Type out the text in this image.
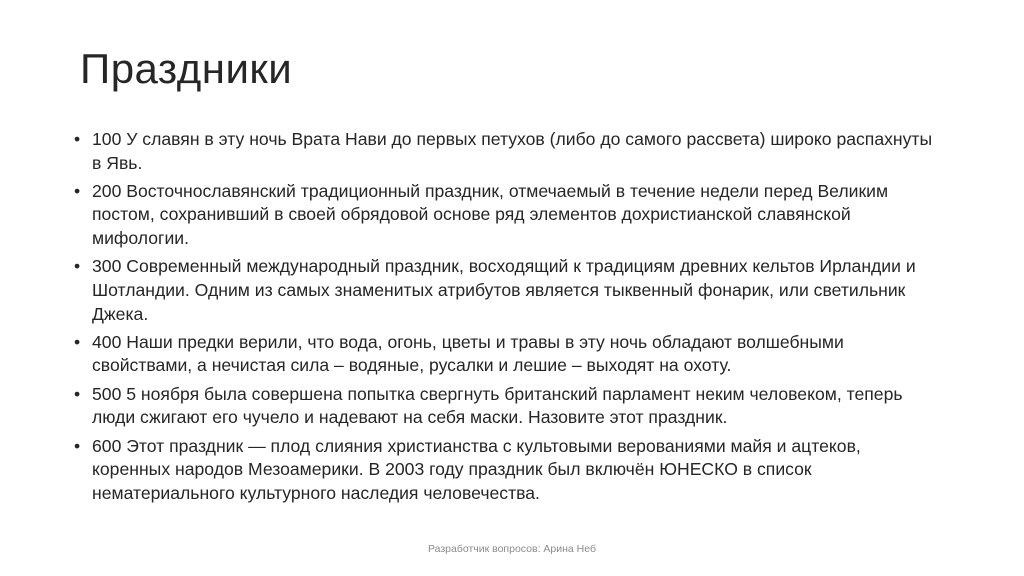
Праздники
• 100 У славян в эту ночь Врата Нави до первых петухов (либо до самого рассвета) широко распахнуты в Явь.
• 200 Восточнославянский традиционный праздник, отмечаемый в течение недели перед Великим постом, сохранивший в своей обрядовой основе ряд элементов дохристианской славянской мифологии.
• 300 Современный международный праздник, восходящий к традициям древних кельтов Ирландии и Шотландии. Одним из самых знаменитых атрибутов является тыквенный фонарик, или светильник Джека.
• 400 Наши предки верили, что вода, огонь, цветы и травы в эту ночь обладают волшебными свойствами, а нечистая сила – водяные, русалки и лешие – выходят на охоту.
• 500 5 ноября была совершена попытка свергнуть британский парламент неким человеком, теперь люди сжигают его чучело и надевают на себя маски. Назовите этот праздник.
• 600 Этот праздник — плод слияния христианства с культовыми верованиями майя и ацтеков, коренных народов Мезоамерики. В 2003 году праздник был включён ЮНЕСКО в список нематериального культурного наследия человечества.
Разработчик вопросов: Арина Неб
